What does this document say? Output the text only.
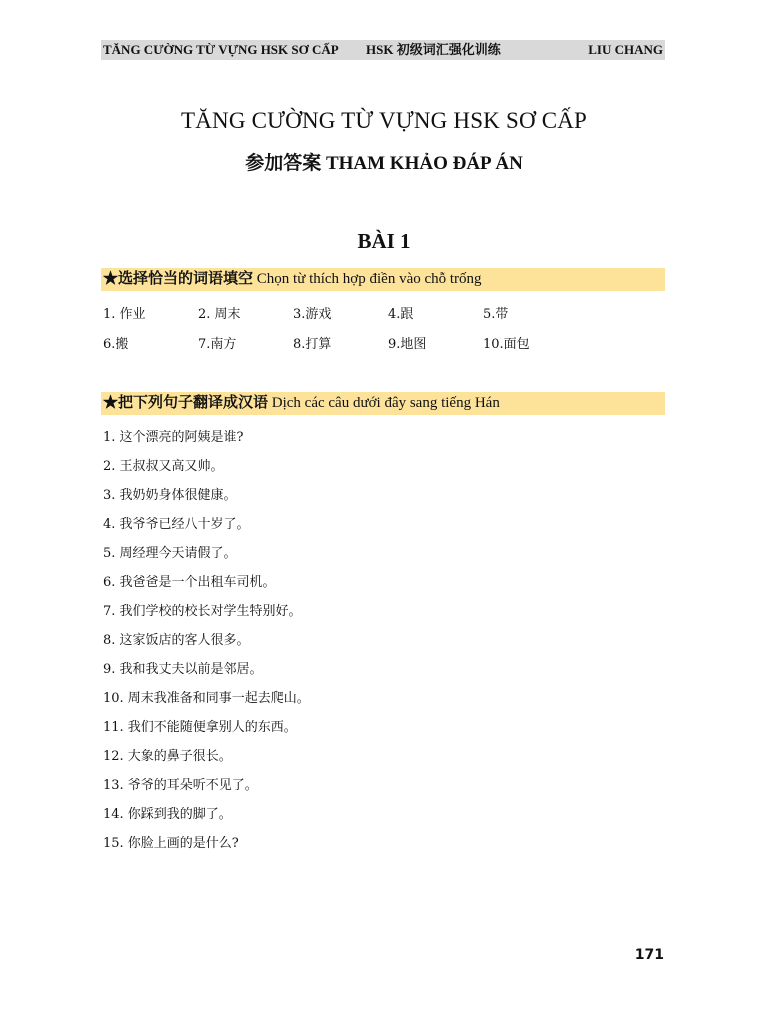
TĂNG CƯỜNG TỪ VỰNG HSK SƠ CẤP HSK 初级词汇强化训练	LIU CHANG
TĂNG CƯỜNG TỪ VỰNG HSK SƠ CẤP
参加答案 THAM KHẢO ĐÁP ÁN
BÀI 1
★选择恰当的词语填空 Chọn từ thích hợp điền vào chỗ trống
1. 作业	2. 周末	3.游戏	4.跟	5.带
6.搬	7.南方	8.打算	9.地图	10.面包
★把下列句子翻译成汉语 Dịch các câu dưới đây sang tiếng Hán
1. 这个漂亮的阿姨是谁?
2. 王叔叔又高又帅。
3. 我奶奶身体很健康。
4. 我爷爷已经八十岁了。
5. 周经理今天请假了。
6. 我爸爸是一个出租车司机。
7. 我们学校的校长对学生特别好。
8. 这家饭店的客人很多。
9. 我和我丈夫以前是邻居。
10. 周末我准备和同事一起去爬山。
11. 我们不能随便拿别人的东西。
12. 大象的鼻子很长。
13. 爷爷的耳朵听不见了。
14. 你踩到我的脚了。
15. 你脸上画的是什么?
171
